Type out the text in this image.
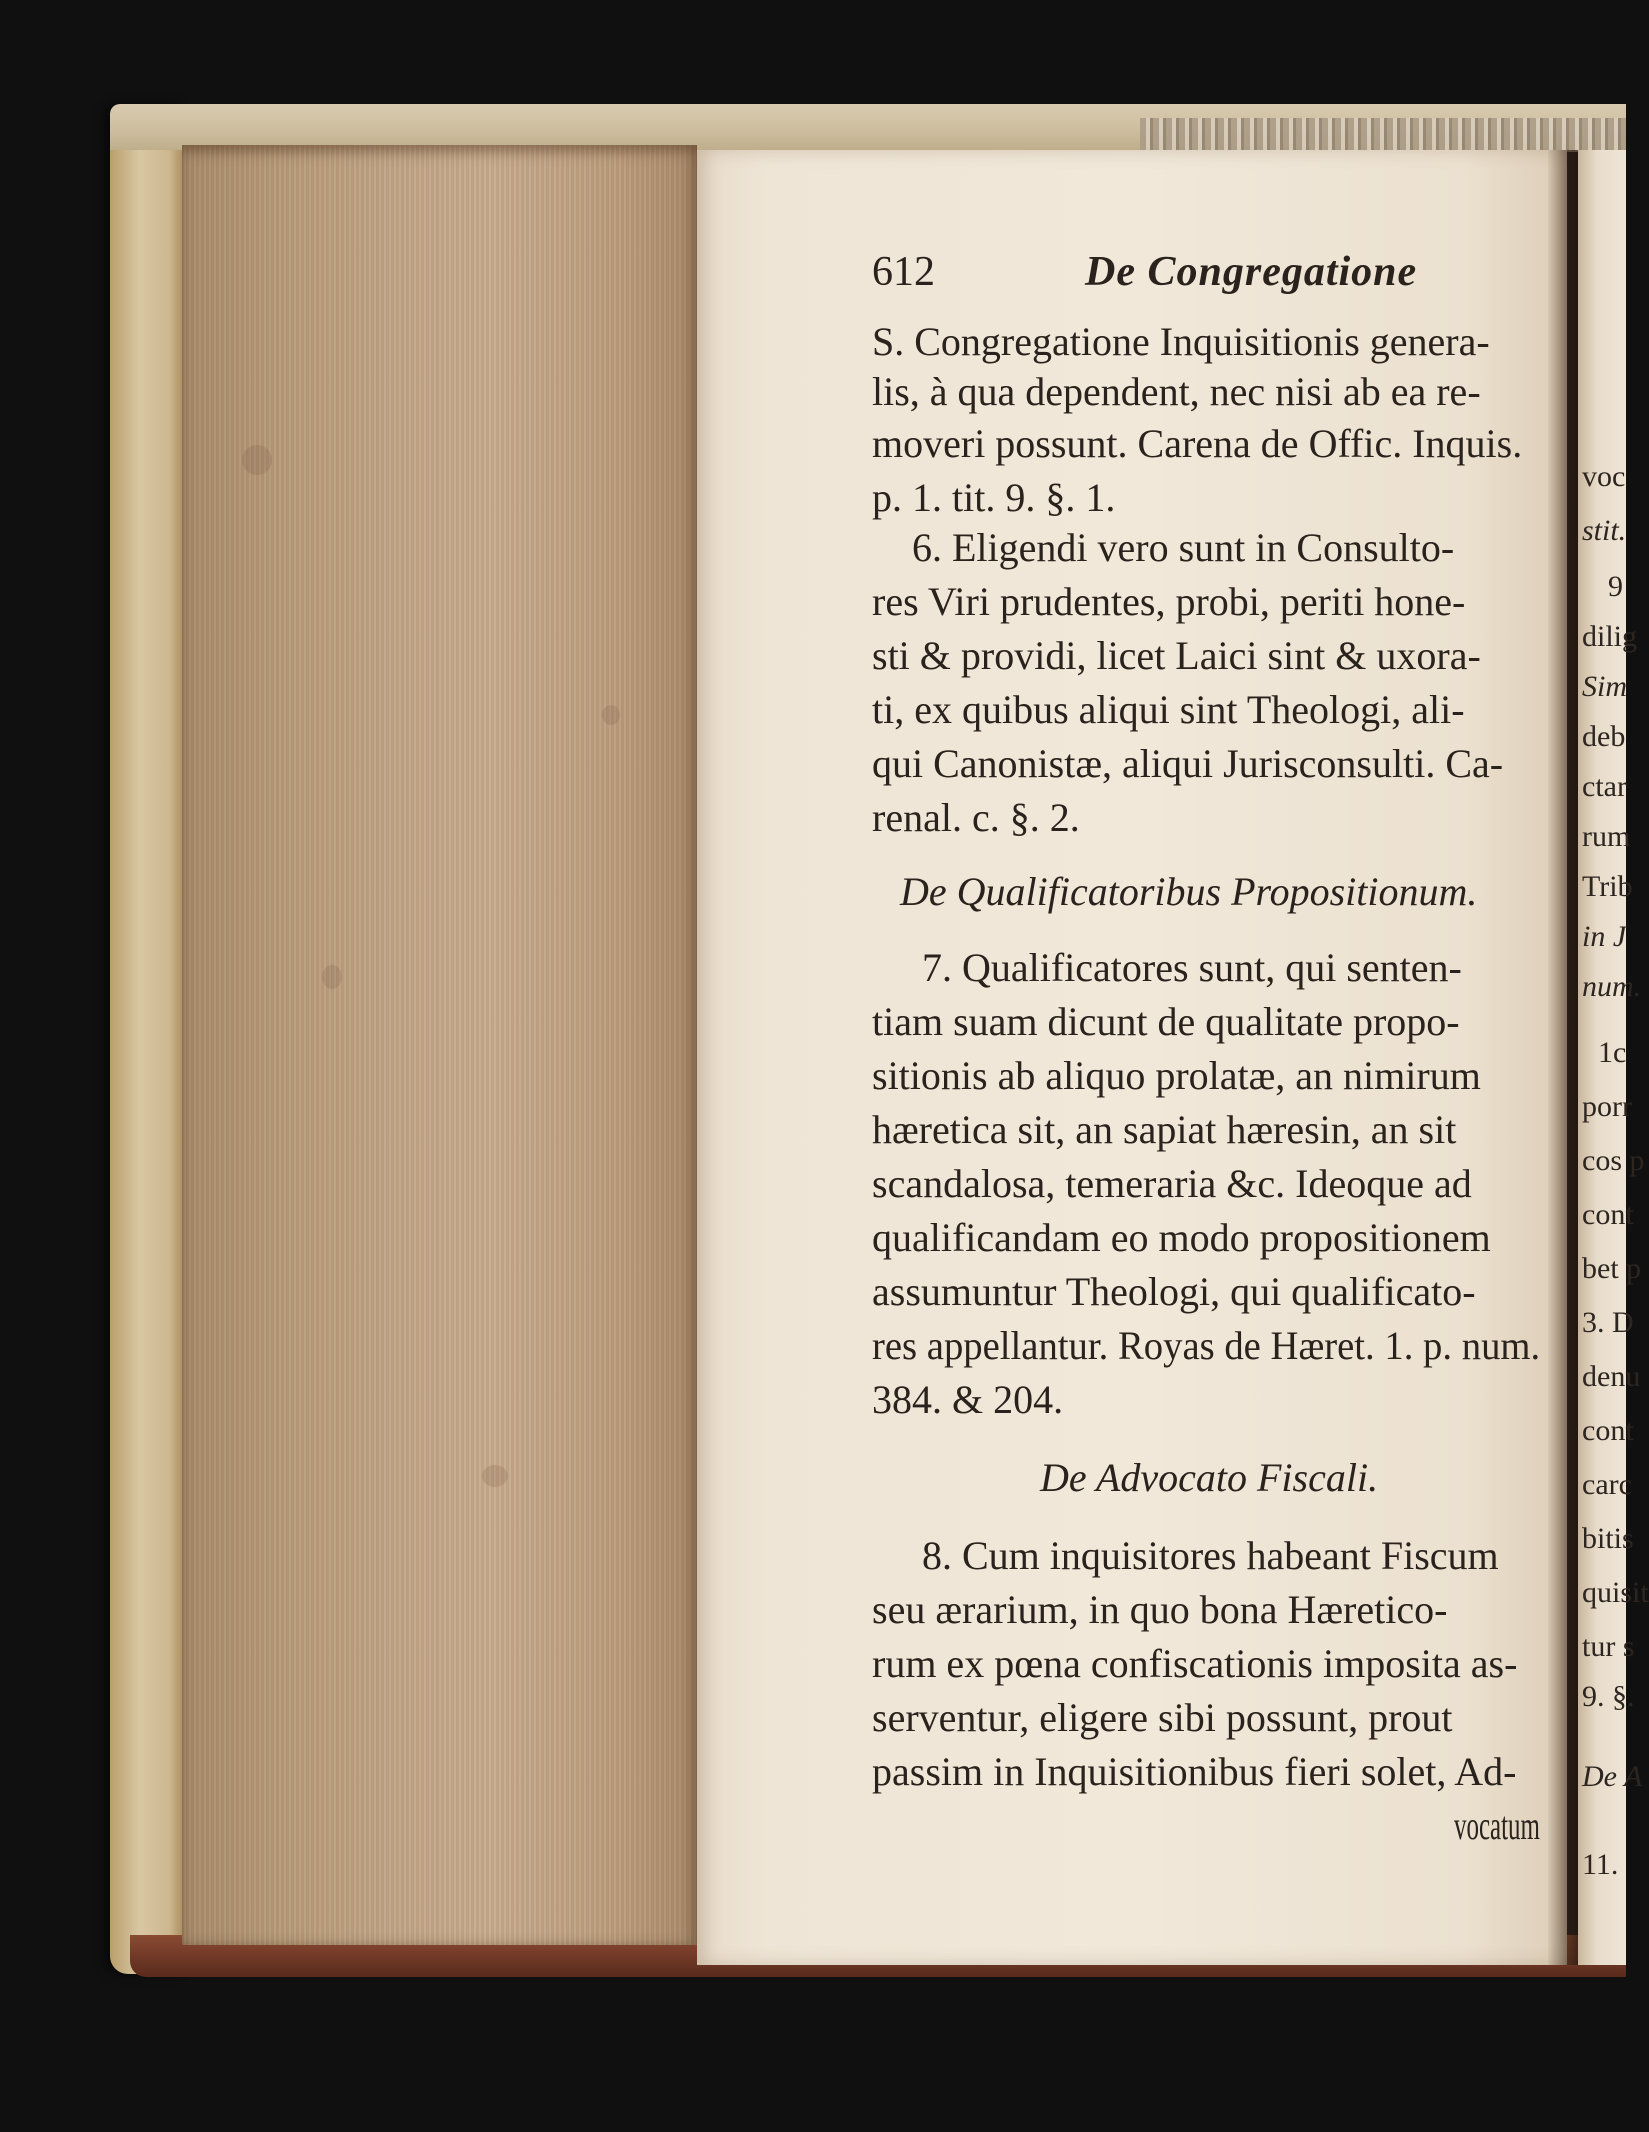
612	De Congregatione
S. Congregatione Inquisitionis genera-
lis, à qua dependent, nec nisi ab ea re-
moveri possunt. Carena de Offic. Inquis.
p. 1. tit. 9. §. 1.
6. Eligendi vero sunt in Consulto-
res Viri prudentes, probi, periti hone-
sti & providi, licet Laici sint & uxora-
ti, ex quibus aliqui sint Theologi, ali-
qui Canonistæ, aliqui Jurisconsulti. Ca-
renal. c. §. 2.
De Qualificatoribus Propositionum.
7. Qualificatores sunt, qui senten-
tiam suam dicunt de qualitate propo-
sitionis ab aliquo prolatæ, an nimirum
hæretica sit, an sapiat hæresin, an sit
scandalosa, temeraria &c. Ideoque ad
qualificandam eo modo propositionem
assumuntur Theologi, qui qualificato-
res appellantur. Royas de Hæret. 1. p. num.
384. & 204.
De Advocato Fiscali.
8. Cum inquisitores habeant Fiscum
seu ærarium, in quo bona Hæretico-
rum ex pœna confiscationis imposita as-
serventur, eligere sibi possunt, prout
passim in Inquisitionibus fieri solet, Ad-
vocatum
voc
stit.
9
dilig
Sim
deb
ctar
rum
Trib
in J
num.
1c
porr
cos p
cont
bet p
3. D
denu
cont
carc
bitis
quisit
tur s
9. §.
De A
11.
